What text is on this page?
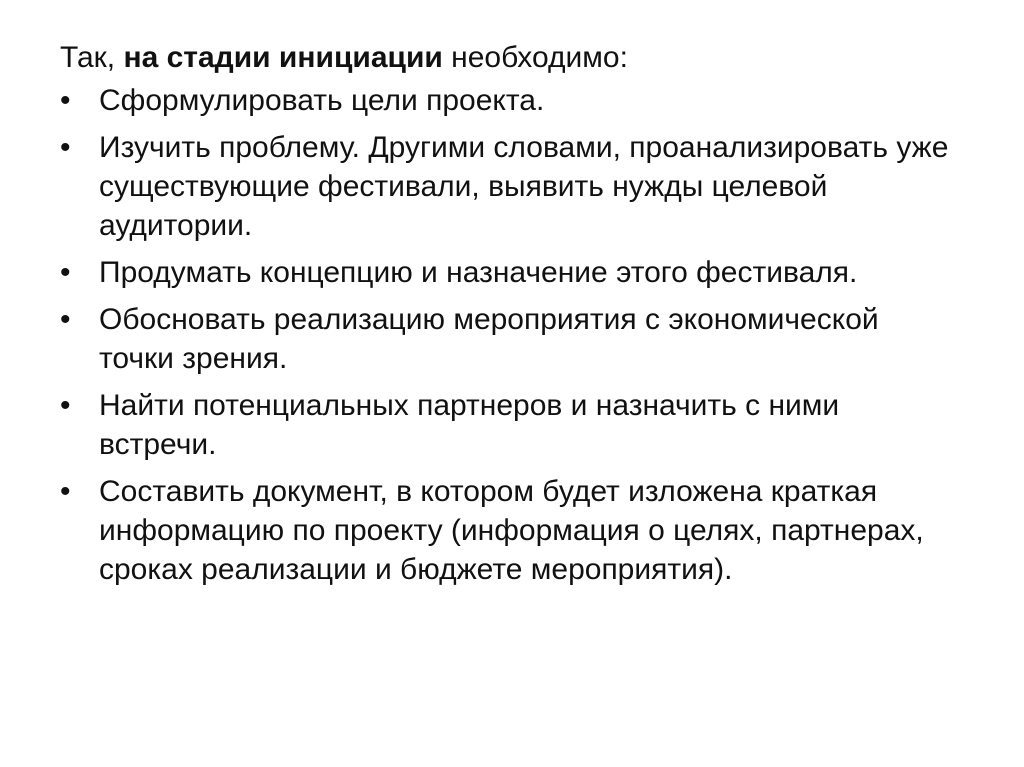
Так, на стадии инициации необходимо:

• Сформулировать цели проекта.
• Изучить проблему. Другими словами, проанализировать уже существующие фестивали, выявить нужды целевой аудитории.
• Продумать концепцию и назначение этого фестиваля.
• Обосновать реализацию мероприятия с экономической точки зрения.
• Найти потенциальных партнеров и назначить с ними встречи.
• Составить документ, в котором будет изложена краткая информацию по проекту (информация о целях, партнерах, сроках реализации и бюджете мероприятия).
